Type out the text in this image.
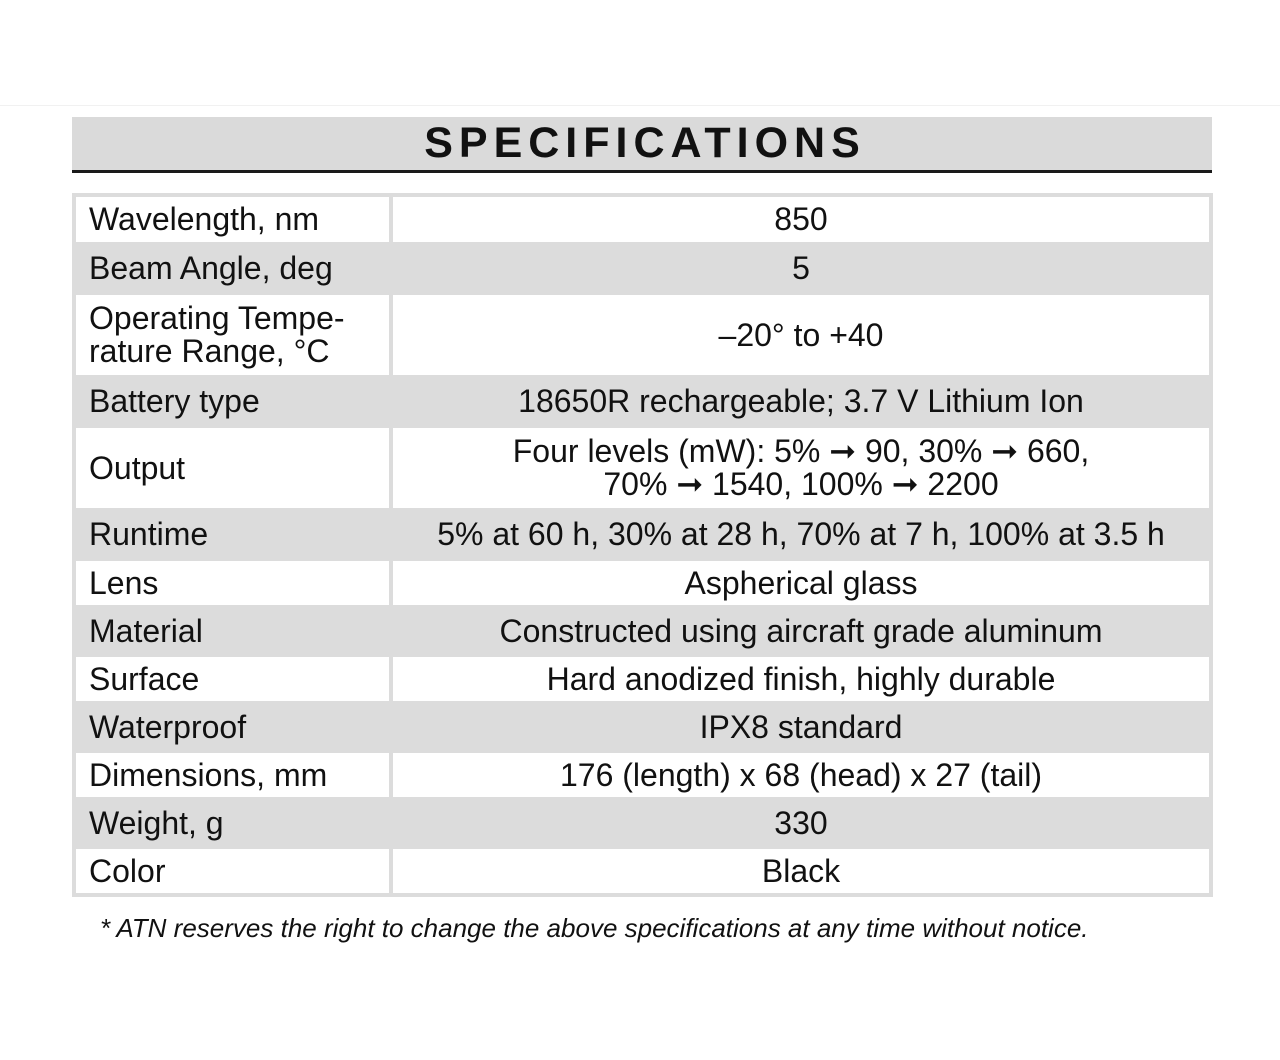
SPECIFICATIONS
Wavelength, nm	850
Beam Angle, deg	5
Operating Tempe-
rature Range, °C	–20° to +40
Battery type	18650R rechargeable; 3.7 V Lithium Ion
Output	Four levels (mW): 5% ➞ 90, 30% ➞ 660,
70% ➞ 1540, 100% ➞ 2200
Runtime	5% at 60 h, 30% at 28 h, 70% at 7 h, 100% at 3.5 h
Lens	Aspherical glass
Material	Constructed using aircraft grade aluminum
Surface	Hard anodized finish, highly durable
Waterproof	IPX8 standard
Dimensions, mm	176 (length) x 68 (head) x 27 (tail)
Weight, g	330
Color	Black
* ATN reserves the right to change the above specifications at any time without notice.
